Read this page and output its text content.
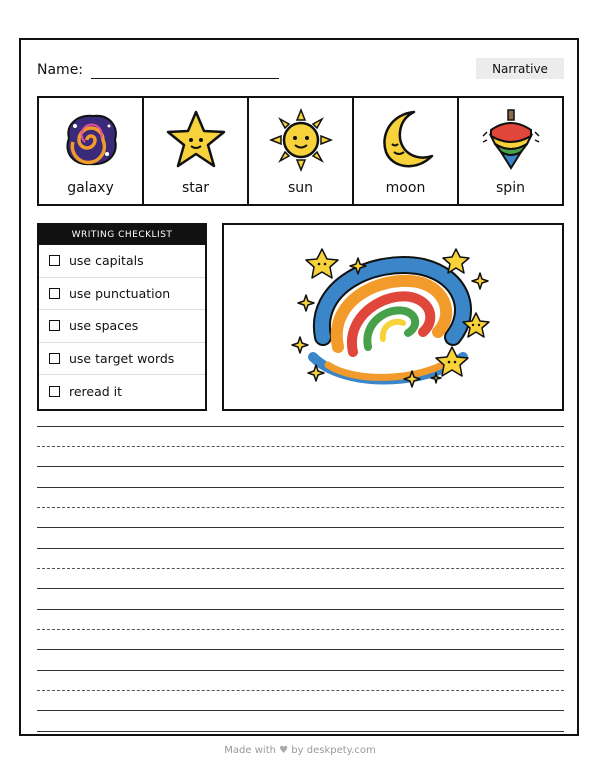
Name:	Narrative
galaxy	star	sun	moon	spin
WRITING CHECKLIST
use capitals
use punctuation
use spaces
use target words
reread it
Made with ♥ by deskpety.com
